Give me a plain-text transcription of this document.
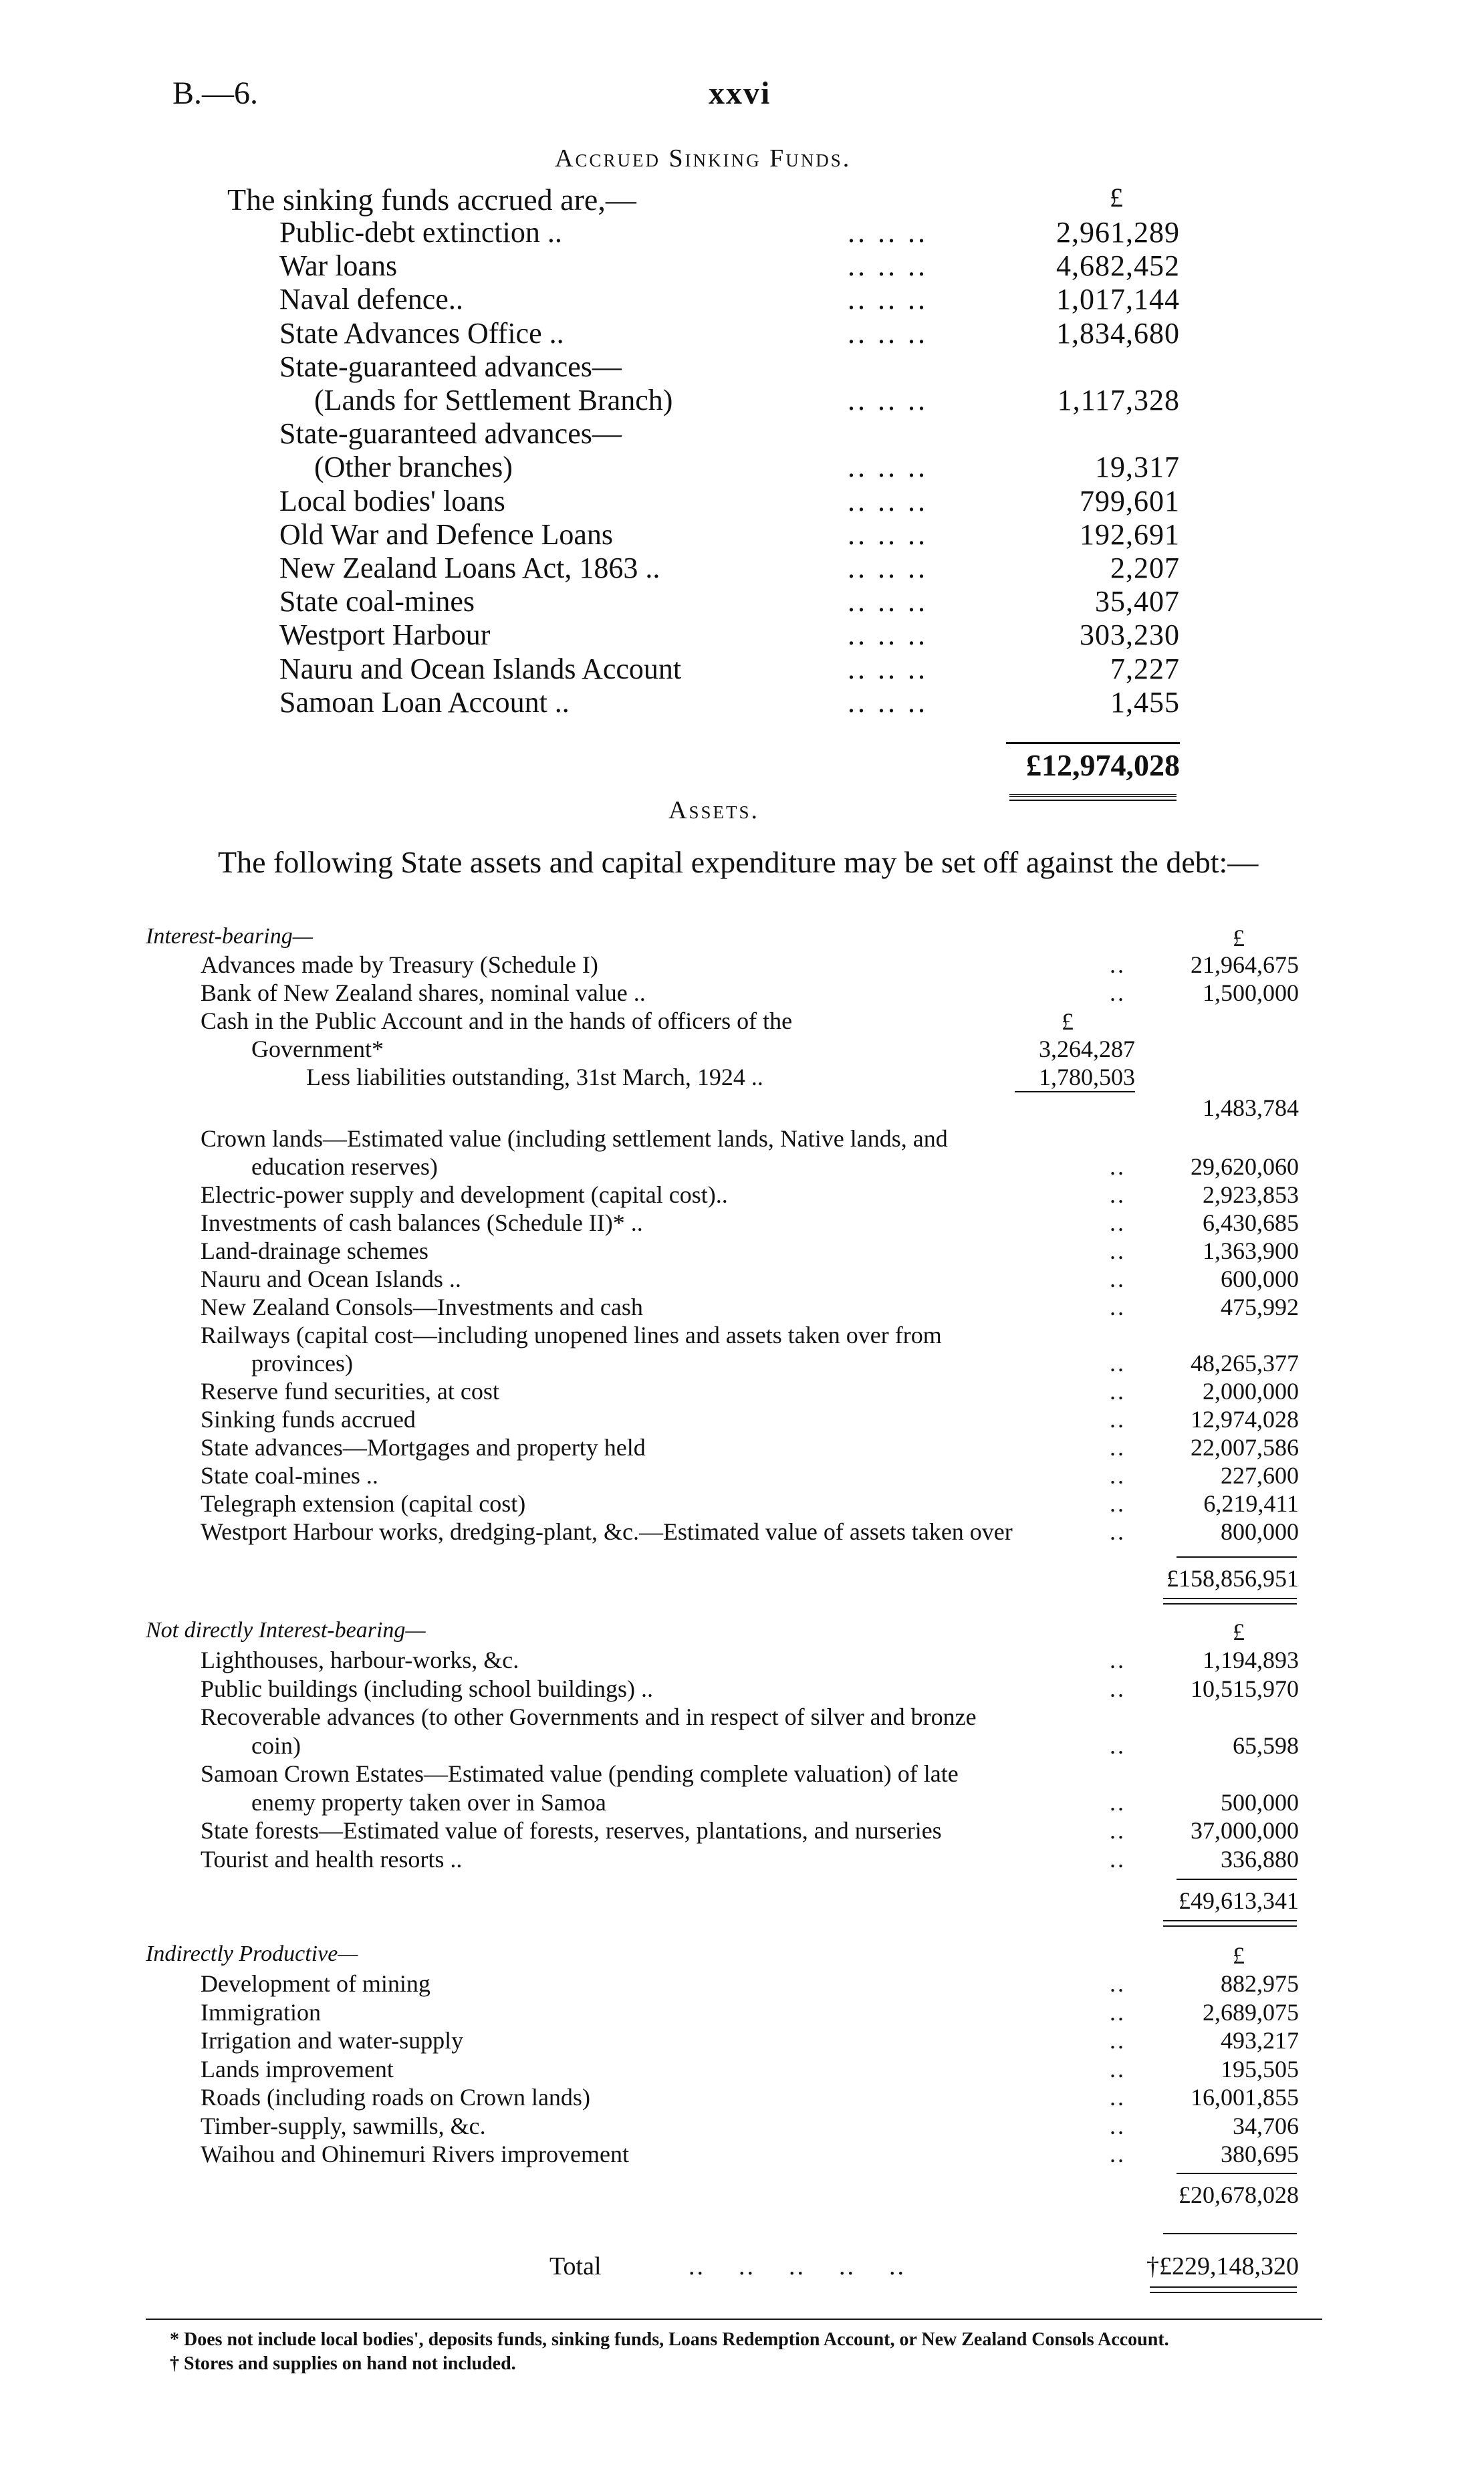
B.—6.	xxvi
Accrued Sinking Funds.
The sinking funds accrued are,—	£
Public-debt extinction ..	.. .. ..	2,961,289
War loans	.. .. ..	4,682,452
Naval defence..	.. .. ..	1,017,144
State Advances Office ..	.. .. ..	1,834,680
State-guaranteed advances—
(Lands for Settlement Branch)	.. .. ..	1,117,328
State-guaranteed advances—
(Other branches)	.. .. ..	19,317
Local bodies' loans	.. .. ..	799,601
Old War and Defence Loans	.. .. ..	192,691
New Zealand Loans Act, 1863 ..	.. .. ..	2,207
State coal-mines	.. .. ..	35,407
Westport Harbour	.. .. ..	303,230
Nauru and Ocean Islands Account	.. .. ..	7,227
Samoan Loan Account ..	.. .. ..	1,455
£12,974,028
Assets.
The following State assets and capital expenditure may be set off against the debt:—
Interest-bearing—	£
£
Advances made by Treasury (Schedule I)	..	21,964,675
Bank of New Zealand shares, nominal value ..	..	1,500,000
Cash in the Public Account and in the hands of officers of the
Government*	3,264,287
Less liabilities outstanding, 31st March, 1924 ..	1,780,503
1,483,784
Crown lands—Estimated value (including settlement lands, Native lands, and
education reserves)	..	29,620,060
Electric-power supply and development (capital cost)..	..	2,923,853
Investments of cash balances (Schedule II)* ..	..	6,430,685
Land-drainage schemes	..	1,363,900
Nauru and Ocean Islands ..	..	600,000
New Zealand Consols—Investments and cash	..	475,992
Railways (capital cost—including unopened lines and assets taken over from
provinces)	..	48,265,377
Reserve fund securities, at cost	..	2,000,000
Sinking funds accrued	..	12,974,028
State advances—Mortgages and property held	..	22,007,586
State coal-mines ..	..	227,600
Telegraph extension (capital cost)	..	6,219,411
Westport Harbour works, dredging-plant, &c.—Estimated value of assets taken over	..	800,000
£158,856,951
Not directly Interest-bearing—	£
Lighthouses, harbour-works, &c.	..	1,194,893
Public buildings (including school buildings) ..	..	10,515,970
Recoverable advances (to other Governments and in respect of silver and bronze
coin)	..	65,598
Samoan Crown Estates—Estimated value (pending complete valuation) of late
enemy property taken over in Samoa	..	500,000
State forests—Estimated value of forests, reserves, plantations, and nurseries	..	37,000,000
Tourist and health resorts ..	..	336,880
£49,613,341
Indirectly Productive—	£
Development of mining	..	882,975
Immigration	..	2,689,075
Irrigation and water-supply	..	493,217
Lands improvement	..	195,505
Roads (including roads on Crown lands)	..	16,001,855
Timber-supply, sawmills, &c.	..	34,706
Waihou and Ohinemuri Rivers improvement	..	380,695
£20,678,028
Total	..    ..    ..    ..    ..	†£229,148,320
* Does not include local bodies', deposits funds, sinking funds, Loans Redemption Account, or New Zealand Consols Account.
† Stores and supplies on hand not included.
